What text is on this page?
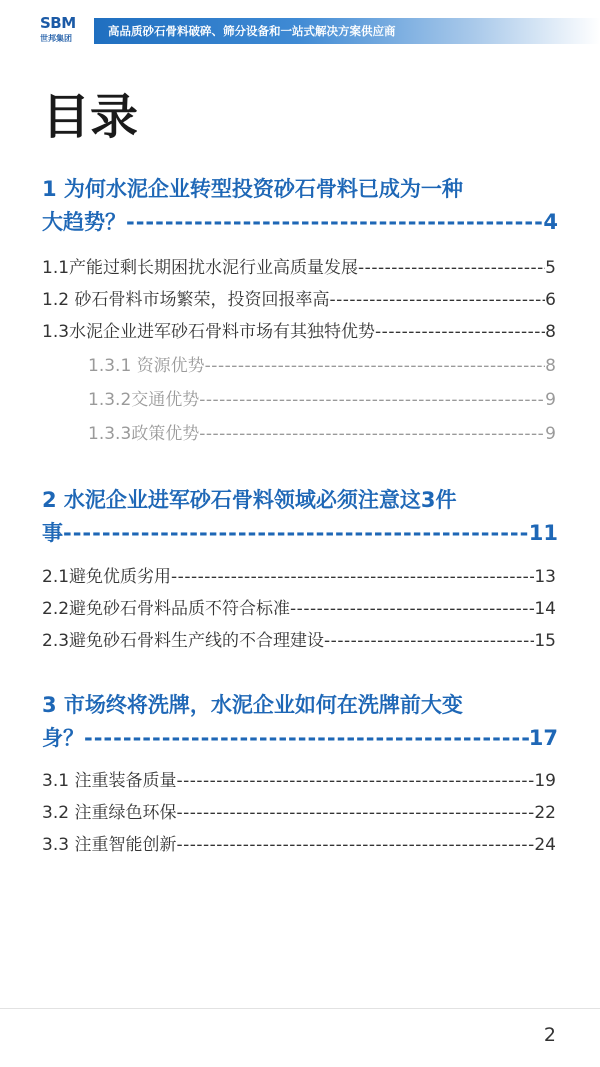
SBM
世邦集团
高品质砂石骨料破碎、筛分设备和一站式解决方案供应商
目录
1 为何水泥企业转型投资砂石骨料已成为一种
大趋势？ -----	4
1.1产能过剩长期困扰水泥行业高质量发展 -----	5
1.2 砂石骨料市场繁荣，投资回报率高 -----	6
1.3水泥企业进军砂石骨料市场有其独特优势 -----	8
1.3.1 资源优势 -----	8
1.3.2交通优势 -----	9
1.3.3政策优势 -----	9
2 水泥企业进军砂石骨料领域必须注意这3件
事 -----	11
2.1避免优质劣用 -----	13
2.2避免砂石骨料品质不符合标准 -----	14
2.3避免砂石骨料生产线的不合理建设 -----	15
3 市场终将洗牌，水泥企业如何在洗牌前大变
身？ -----	17
3.1 注重装备质量 -----	19
3.2 注重绿色环保 -----	22
3.3 注重智能创新 -----	24
2
